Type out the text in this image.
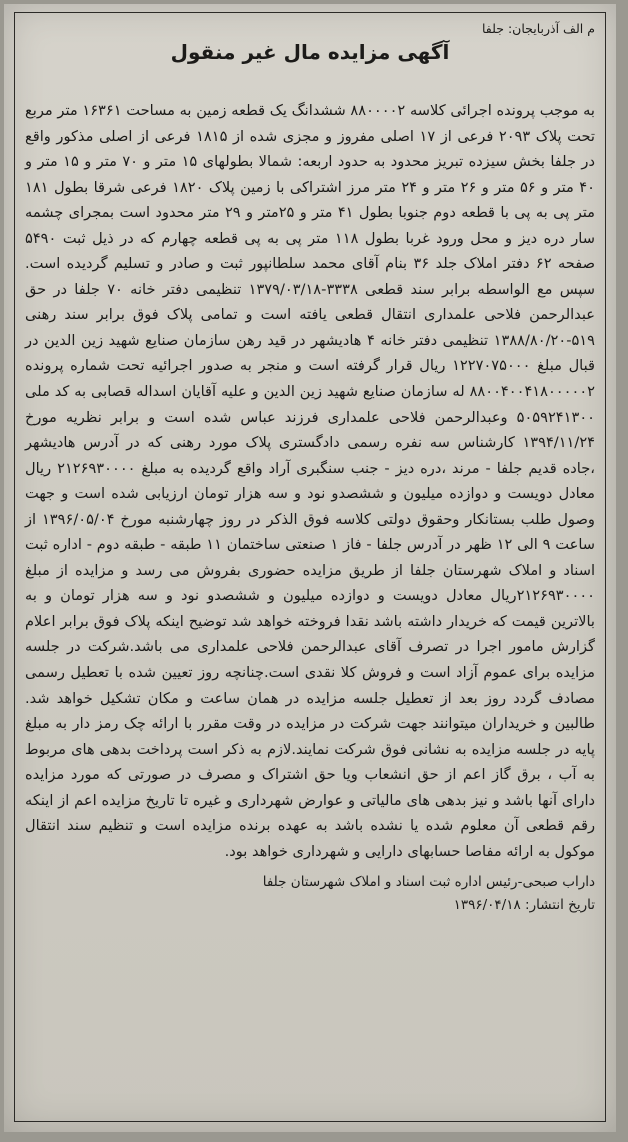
م الف آذربایجان: جلفا
آگهی مزایده مال غیر منقول

به موجب پرونده اجرائی کلاسه ۸۸۰۰۰۰۲ ششدانگ یک قطعه زمین به مساحت ۱۶۳۶۱ متر مربع تحت پلاک ۲۰۹۳ فرعی از ۱۷ اصلی مفروز و مجزی شده از ۱۸۱۵ فرعی از اصلی مذکور واقع در جلفا بخش سیزده تبریز محدود به حدود اربعه: شمالا بطولهای ۱۵ متر و ۷۰ متر و ۱۵ متر و ۴۰ متر و ۵۶ متر و ۲۶ متر و ۲۴ متر مرز اشتراکی با زمین پلاک ۱۸۲۰ فرعی شرقا بطول ۱۸۱ متر پی به پی با قطعه دوم جنوبا بطول ۴۱ متر و ۲۵متر و ۲۹ متر محدود است بمجرای چشمه سار دره دیز و محل ورود غربا بطول ۱۱۸ متر پی به پی قطعه چهارم که در ذیل ثبت ۵۴۹۰ صفحه ۶۲ دفتر املاک جلد ۳۶ بنام آقای محمد سلطانپور ثبت و صادر و تسلیم گردیده است. سپس مع الواسطه برابر سند قطعی ۳۳۳۸-۱۳۷۹/۰۳/۱۸ تنظیمی دفتر خانه ۷۰ جلفا در حق عبدالرحمن فلاحی علمداری انتقال قطعی یافته است و تمامی پلاک فوق برابر سند رهنی ۵۱۹-۱۳۸۸/۸۰/۲۰ تنظیمی دفتر خانه ۴ هادیشهر در قید رهن سازمان صنایع شهید زین الدین در قبال مبلغ ۱۲۲۷۰۷۵۰۰۰ ریال قرار گرفته است و منجر به صدور اجرائیه تحت شماره پرونده ۸۸۰۰۴۰۰۴۱۸۰۰۰۰۰۲ له سازمان صنایع شهید زین الدین و علیه آقایان اسداله قصابی به کد ملی ۵۰۵۹۲۴۱۳۰۰ وعبدالرحمن فلاحی علمداری فرزند عباس شده است و برابر نظریه مورخ ۱۳۹۴/۱۱/۲۴ کارشناس سه نفره رسمی دادگستری پلاک مورد رهنی که در آدرس هادیشهر ،جاده قدیم جلفا - مرند ،دره دیز - جنب سنگبری آراد واقع گردیده به مبلغ ۲۱۲۶۹۳۰۰۰۰ ریال معادل دویست و دوازده میلیون و ششصدو نود و سه هزار تومان ارزیابی شده است و جهت وصول طلب بستانکار وحقوق دولتی کلاسه فوق الذکر در روز چهارشنبه مورخ ۱۳۹۶/۰۵/۰۴ از ساعت ۹ الی ۱۲ ظهر در آدرس جلفا - فاز ۱ صنعتی ساختمان ۱۱ طبقه - طبقه دوم - اداره ثبت اسناد و املاک شهرستان جلفا از طریق مزایده حضوری بفروش می رسد و مزایده از مبلغ ۲۱۲۶۹۳۰۰۰۰ریال معادل دویست و دوازده میلیون و ششصدو نود و سه هزار تومان و به بالاترین قیمت که خریدار داشته باشد نقدا فروخته خواهد شد توضیح اینکه پلاک فوق برابر اعلام گزارش مامور اجرا در تصرف آقای عبدالرحمن فلاحی علمداری می باشد.شرکت در جلسه مزایده برای عموم آزاد است و فروش کلا نقدی است.چنانچه روز تعیین شده با تعطیل رسمی مصادف گردد روز بعد از تعطیل جلسه مزایده در همان ساعت و مکان تشکیل خواهد شد. طالبین و خریداران میتوانند جهت شرکت در مزایده در وقت مقرر با ارائه چک رمز دار به مبلغ پایه در جلسه مزایده به نشانی فوق شرکت نمایند.لازم به ذکر است پرداخت بدهی های مربوط به آب ، برق گاز اعم از حق انشعاب ویا حق اشتراک و مصرف در صورتی که مورد مزایده دارای آنها باشد و نیز بدهی های مالیاتی و عوارض شهرداری و غیره تا تاریخ مزایده اعم از اینکه رقم قطعی آن معلوم شده یا نشده باشد به عهده برنده مزایده است و تنظیم سند انتقال موکول به ارائه مفاصا حسابهای دارایی و شهرداری خواهد بود.

داراب صبحی-رئیس اداره ثبت اسناد و املاک شهرستان جلفا
تاریخ انتشار: ۱۳۹۶/۰۴/۱۸
